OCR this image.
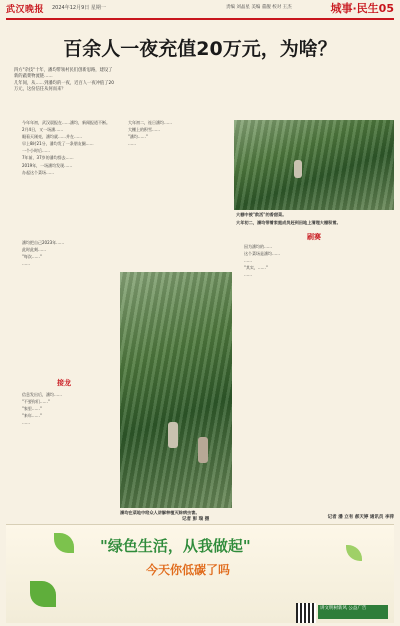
武汉晚报 2024年12月9日 星期一	责编 刘晶星 美编 董靓 校对 王杰	城事·民生05
百余人一夜充值20万元，为啥？
四方"杂技"十年，潘均带领村民们创新思路，建设了新的蔬菜物流链……
几年间，从……到潘均的一夜，近百人一夜冲值了20万元，这份信任从何而来？

今年年初，武汉晨报在……潘均，新闻报道不断。

2月4日，又一场潘……

眼看天刚亮，潘均就……并在……

早上8时21分，潘均发了一条朋友圈……

一个小时后……

7年前，37岁的潘均辞去……

2019年，一场潘均发现……

办起这个菜场……

潘均把自己2023年……

此时此刻……

"每次……"

……

接龙

信息发出后，潘均……

"不要你们……"

"家里……"

"来年……"

……

大年初二，连日潘均……

大棚上的积雪……

"潘均……"

……

潘均在菜地中给众人讲解种植灭除病虫害。
记者 彭 瑞 摄
大棚中被"救活"的香甜菜。
大年初二，潘均带着家庭成员赶到田地上清理大棚积雪。
刷赛

因为潘均的……

这个菜场是潘均……

……

"其实，……"

……

记者 潘 立有 郝天婷 通讯员 李萍
"绿色生活，从我做起"
今天你低碳了吗
讲文明树新风 公益广告
